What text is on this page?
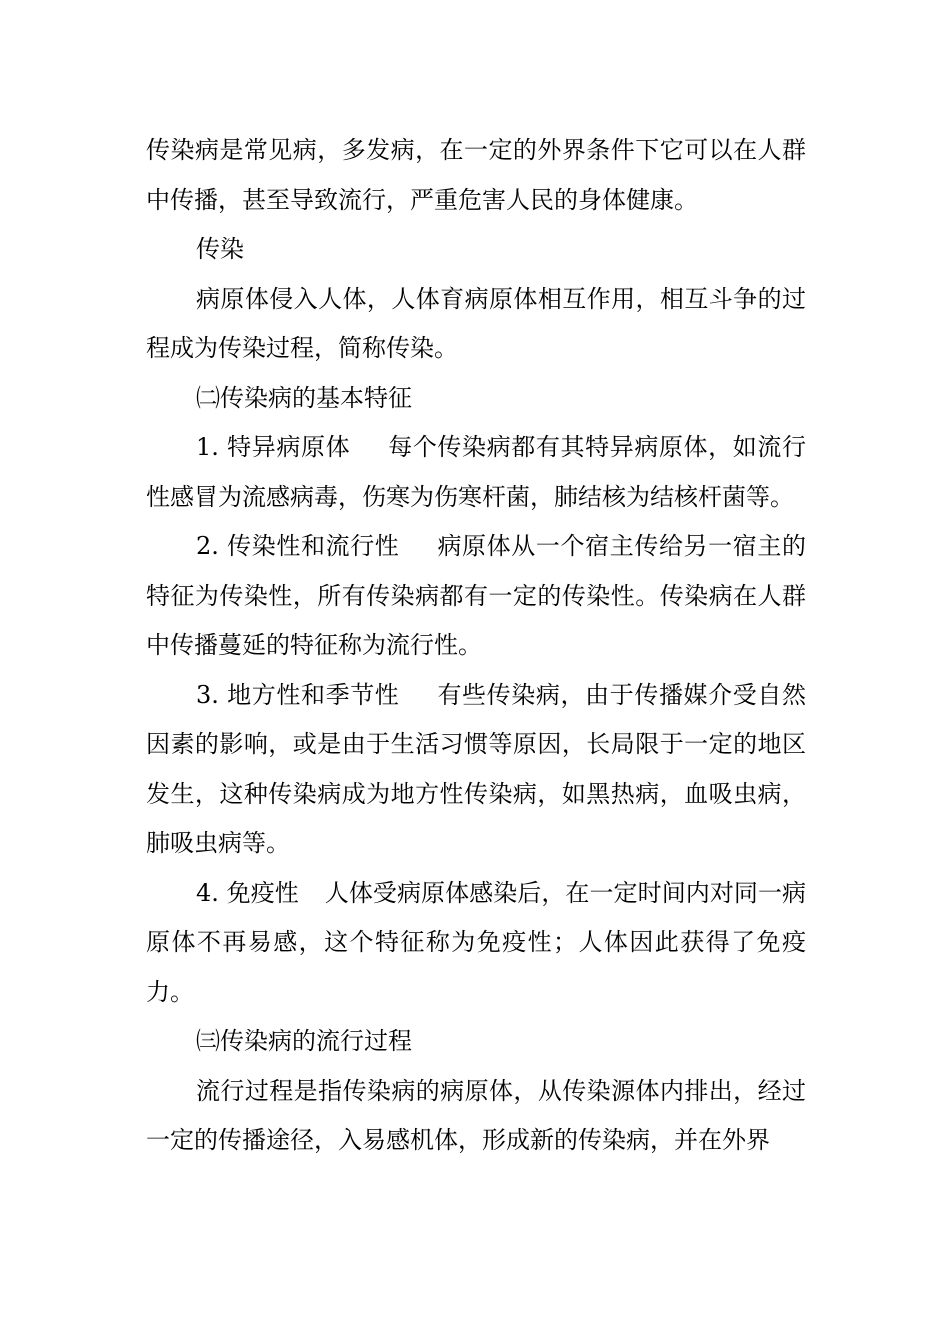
传染病是常见病，多发病，在一定的外界条件下它可以在人群中传播，甚至导致流行，严重危害人民的身体健康。

传染

病原体侵入人体，人体育病原体相互作用，相互斗争的过程成为传染过程，简称传染。

㈡传染病的基本特征

1. 特异病原体 每个传染病都有其特异病原体，如流行性感冒为流感病毒，伤寒为伤寒杆菌，肺结核为结核杆菌等。

2. 传染性和流行性 病原体从一个宿主传给另一宿主的特征为传染性，所有传染病都有一定的传染性。传染病在人群中传播蔓延的特征称为流行性。

3. 地方性和季节性 有些传染病，由于传播媒介受自然因素的影响，或是由于生活习惯等原因，长局限于一定的地区发生，这种传染病成为地方性传染病，如黑热病，血吸虫病，肺吸虫病等。

4. 免疫性 人体受病原体感染后，在一定时间内对同一病原体不再易感，这个特征称为免疫性；人体因此获得了免疫力。

㈢传染病的流行过程

流行过程是指传染病的病原体，从传染源体内排出，经过一定的传播途径，入易感机体，形成新的传染病，并在外界
